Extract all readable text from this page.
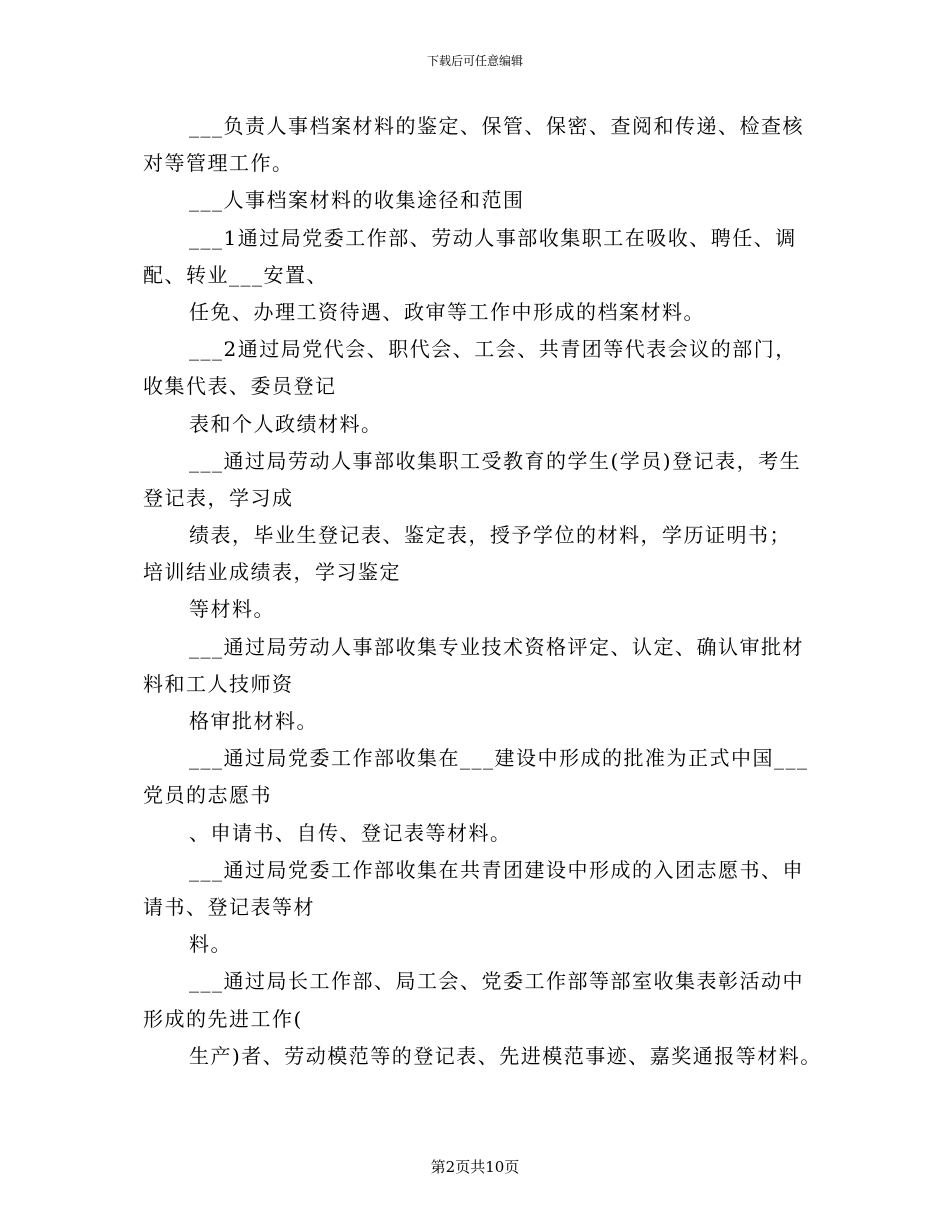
下载后可任意编辑
___负责人事档案材料的鉴定、保管、保密、查阅和传递、检查核
对等管理工作。
___人事档案材料的收集途径和范围
___1通过局党委工作部、劳动人事部收集职工在吸收、聘任、调
配、转业___安置、
任免、办理工资待遇、政审等工作中形成的档案材料。
___2通过局党代会、职代会、工会、共青团等代表会议的部门，
收集代表、委员登记
表和个人政绩材料。
___通过局劳动人事部收集职工受教育的学生(学员)登记表，考生
登记表，学习成
绩表，毕业生登记表、鉴定表，授予学位的材料，学历证明书；
培训结业成绩表，学习鉴定
等材料。
___通过局劳动人事部收集专业技术资格评定、认定、确认审批材
料和工人技师资
格审批材料。
___通过局党委工作部收集在___建设中形成的批准为正式中国___
党员的志愿书
、申请书、自传、登记表等材料。
___通过局党委工作部收集在共青团建设中形成的入团志愿书、申
请书、登记表等材
料。
___通过局长工作部、局工会、党委工作部等部室收集表彰活动中
形成的先进工作(
生产)者、劳动模范等的登记表、先进模范事迹、嘉奖通报等材料。
第2页共10页
